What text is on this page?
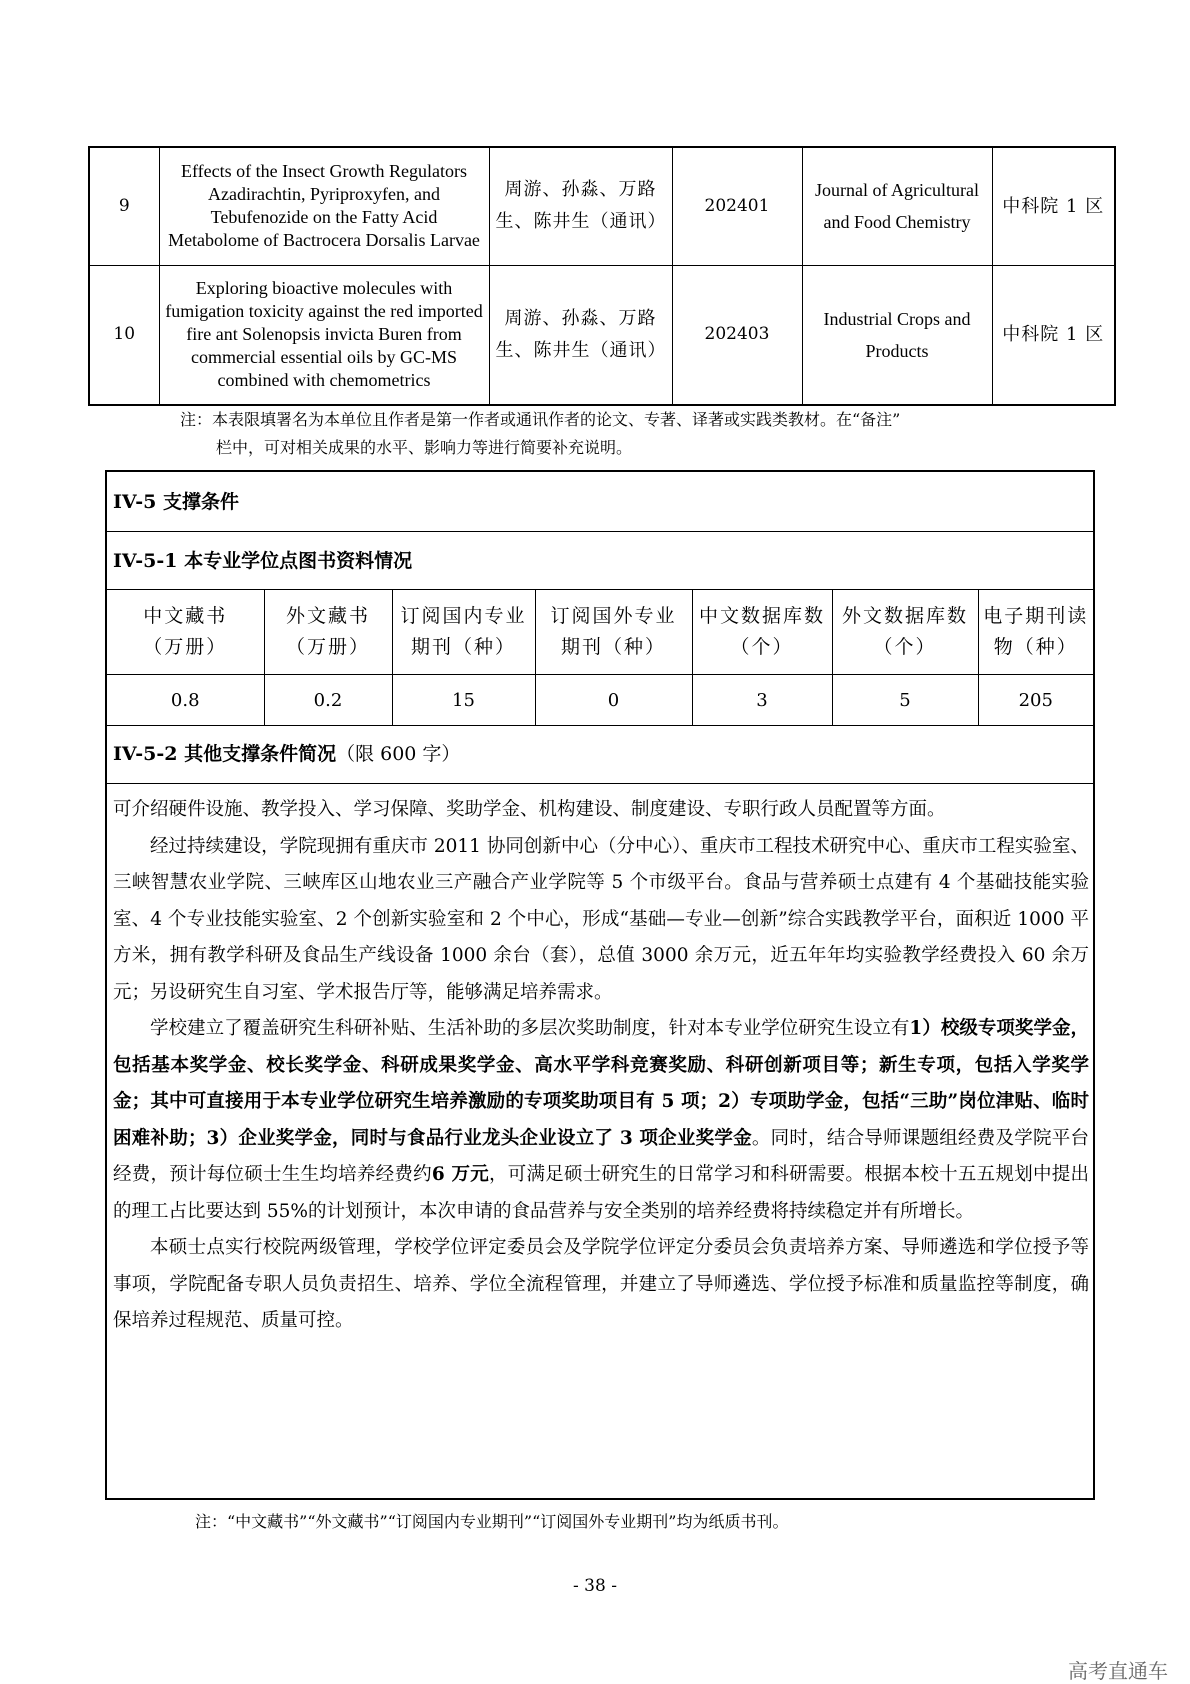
9	Effects of the Insect Growth Regulators Azadirachtin, Pyriproxyfen, and Tebufenozide on the Fatty Acid Metabolome of Bactrocera Dorsalis Larvae	周游、孙淼、万路生、陈井生（通讯）	202401	Journal of Agricultural and Food Chemistry	中科院 1 区
10	Exploring bioactive molecules with fumigation toxicity against the red imported fire ant Solenopsis invicta Buren from commercial essential oils by GC-MS combined with chemometrics	周游、孙淼、万路生、陈井生（通讯）	202403	Industrial Crops and Products	中科院 1 区
注：本表限填署名为本单位且作者是第一作者或通讯作者的论文、专著、译著或实践类教材。在“备注”
栏中，可对相关成果的水平、影响力等进行简要补充说明。
IV-5 支撑条件
IV-5-1 本专业学位点图书资料情况
中文藏书（万册）	外文藏书（万册）	订阅国内专业期刊（种）	订阅国外专业期刊（种）	中文数据库数（个）	外文数据库数（个）	电子期刊读物（种）
0.8	0.2	15	0	3	5	205
IV-5-2 其他支撑条件简况（限 600 字）

可介绍硬件设施、教学投入、学习保障、奖助学金、机构建设、制度建设、专职行政人员配置等方面。

经过持续建设，学院现拥有重庆市 2011 协同创新中心（分中心）、重庆市工程技术研究中心、重庆市工程实验室、三峡智慧农业学院、三峡库区山地农业三产融合产业学院等 5 个市级平台。食品与营养硕士点建有 4 个基础技能实验室、4 个专业技能实验室、2 个创新实验室和 2 个中心，形成“基础—专业—创新”综合实践教学平台，面积近 1000 平方米，拥有教学科研及食品生产线设备 1000 余台（套），总值 3000 余万元，近五年年均实验教学经费投入 60 余万元；另设研究生自习室、学术报告厅等，能够满足培养需求。

学校建立了覆盖研究生科研补贴、生活补助的多层次奖助制度，针对本专业学位研究生设立有1）校级专项奖学金，包括基本奖学金、校长奖学金、科研成果奖学金、高水平学科竞赛奖励、科研创新项目等；新生专项，包括入学奖学金；其中可直接用于本专业学位研究生培养激励的专项奖助项目有 5 项；2）专项助学金，包括“三助”岗位津贴、临时困难补助；3）企业奖学金，同时与食品行业龙头企业设立了 3 项企业奖学金。同时，结合导师课题组经费及学院平台经费，预计每位硕士生生均培养经费约6 万元，可满足硕士研究生的日常学习和科研需要。根据本校十五五规划中提出的理工占比要达到 55%的计划预计，本次申请的食品营养与安全类别的培养经费将持续稳定并有所增长。

本硕士点实行校院两级管理，学校学位评定委员会及学院学位评定分委员会负责培养方案、导师遴选和学位授予等事项，学院配备专职人员负责招生、培养、学位全流程管理，并建立了导师遴选、学位授予标准和质量监控等制度，确保培养过程规范、质量可控。

注：“中文藏书”“外文藏书”“订阅国内专业期刊”“订阅国外专业期刊”均为纸质书刊。
- 38 -
高考直通车
